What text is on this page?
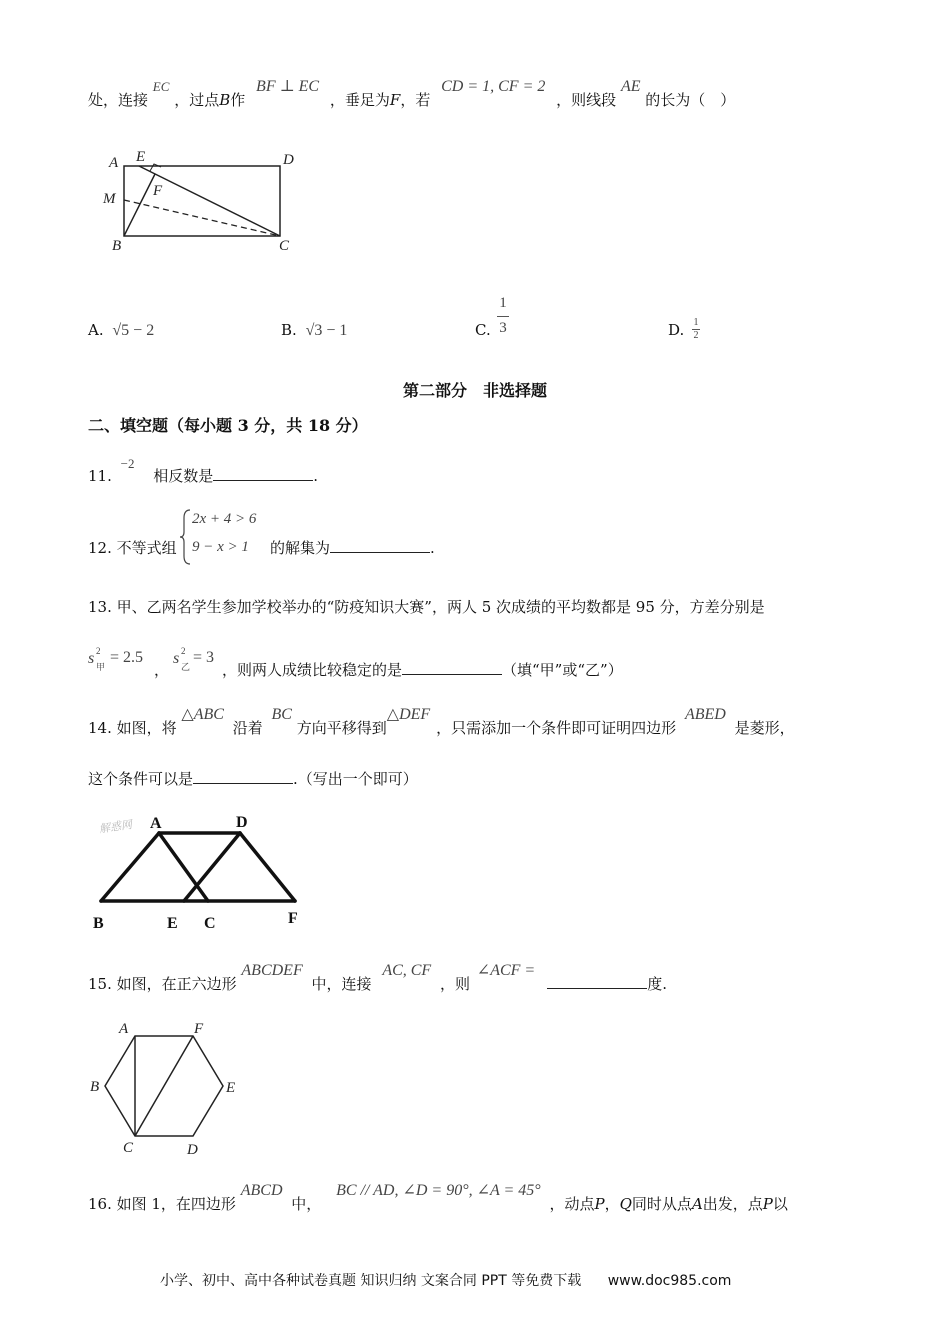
处，连接 EC ，过点B作 BF ⊥ EC ，垂足为F，若 CD = 1, CF = 2 ，则线段 AE 的长为（　）
A E	D
M	F
B	C
A. √5 − 2	B. √3 − 1	C.
1
3	D. 1
2
第二部分　非选择题
二、填空题（每小题 3 分，共 18 分）
11. −2 相反数是	.
12. 不等式组
2x + 4 > 6
9 − x > 1 的解集为	.
13. 甲、乙两名学生参加学校举办的“防疫知识大赛”，两人 5 次成绩的平均数都是 95 分，方差分别是
s 2
甲
= 2.5
，
s 2
乙
= 3
，则两人成绩比较稳定的是	（填“甲”或“乙”）
14. 如图，将 △ABC 沿着 BC 方向平移得到△DEF，只需添加一个条件即可证明四边形 ABED 是菱形，
这个条件可以是	.（写出一个即可）
解惑网 A	D
B	E C	F
15. 如图，在正六边形 ABCDEF 中，连接 AC, CF ，则 ∠ACF =度.
A	F
B	E
C	D
16. 如图 1，在四边形 ABCD 中， BC // AD, ∠D = 90°, ∠A = 45° ，动点P，Q同时从点A出发，点P以
小学、初中、高中各种试卷真题 知识归纳 文案合同 PPT 等免费下载 www.doc985.com
